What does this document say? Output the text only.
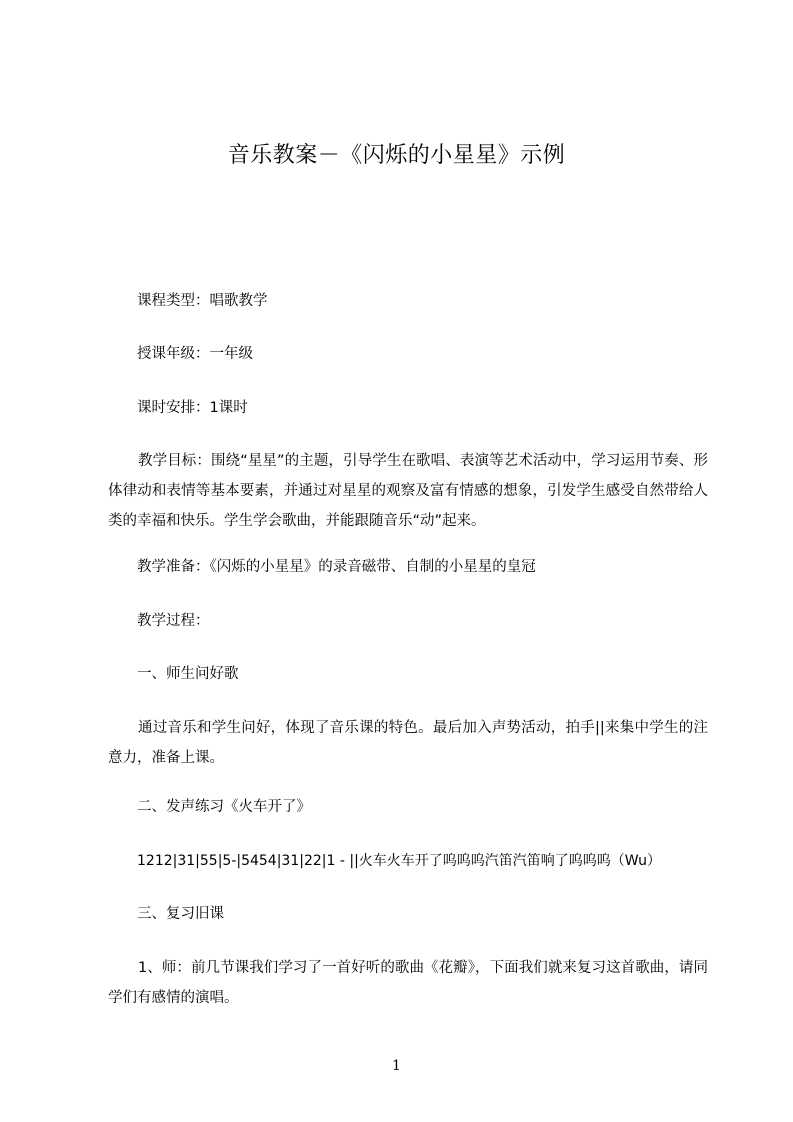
音乐教案－《闪烁的小星星》示例
课程类型：唱歌教学
授课年级：一年级
课时安排：1课时
教学目标：围绕“星星”的主题，引导学生在歌唱、表演等艺术活动中，学习运用节奏、形体律动和表情等基本要素，并通过对星星的观察及富有情感的想象，引发学生感受自然带给人类的幸福和快乐。学生学会歌曲，并能跟随音乐“动”起来。
教学准备：《闪烁的小星星》的录音磁带、自制的小星星的皇冠
教学过程：
一、师生问好歌
通过音乐和学生问好，体现了音乐课的特色。最后加入声势活动，拍手||来集中学生的注意力，准备上课。
二、发声练习《火车开了》
1212|31|55|5-|5454|31|22|1 - ||火车火车开了呜呜呜汽笛汽笛响了呜呜呜（Wu）
三、复习旧课
1、师：前几节课我们学习了一首好听的歌曲《花瓣》，下面我们就来复习这首歌曲，请同学们有感情的演唱。
1
